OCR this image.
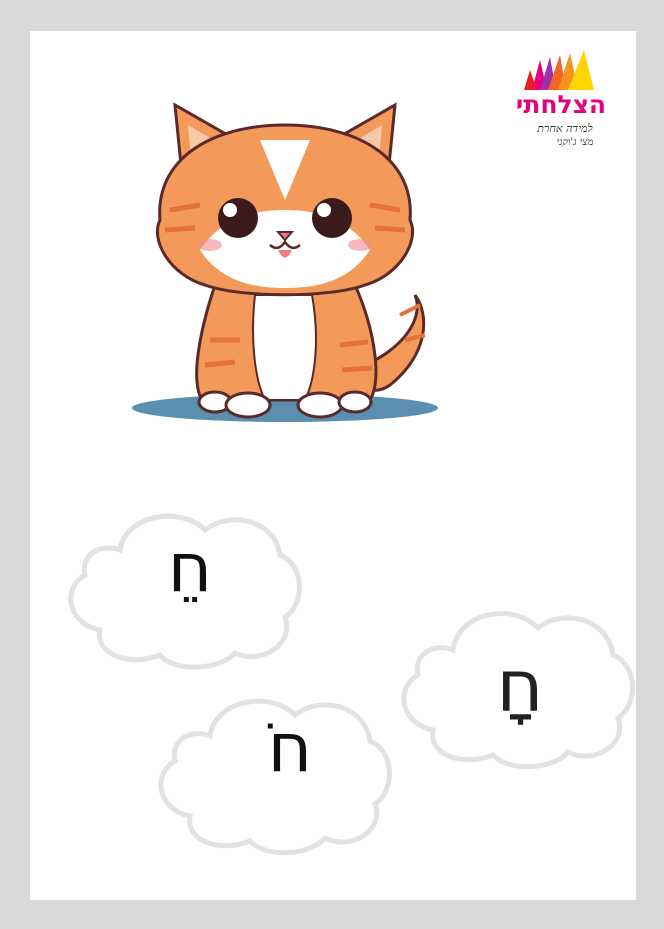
הצלחתי
למידה אחרת
מצי ג'וקני
חֵ
חָ
חֹ
